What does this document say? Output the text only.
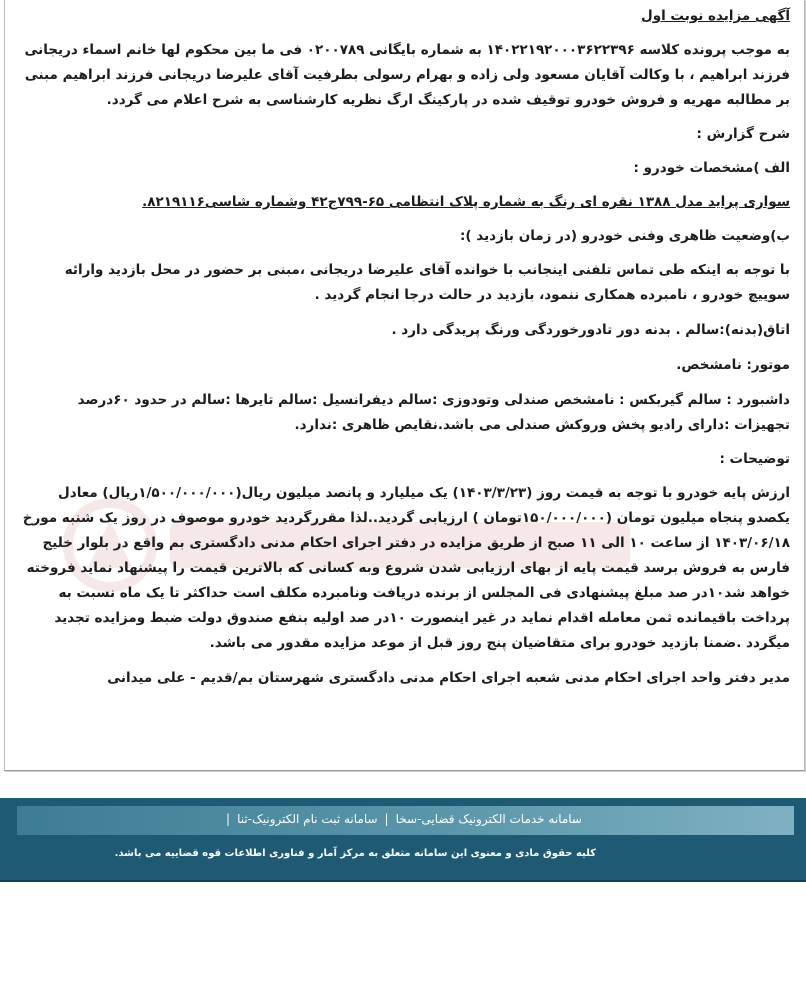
آگهی مزایده نوبت اول

به موجب پرونده کلاسه ۱۴۰۲۲۱۹۲۰۰۰۳۶۲۲۳۹۶ به شماره بایگانی ۰۲۰۰۷۸۹ فی ما بین محکوم لها خانم اسماء دریجانی فرزند ابراهیم ، با وکالت آقایان مسعود ولی زاده و بهرام رسولی بطرفیت آقای علیرضا دریجانی فرزند ابراهیم مبنی بر مطالبه مهریه و فروش خودرو توقیف شده در پارکینگ ارگ نظریه کارشناسی به شرح اعلام می گردد.

شرح گزارش :

الف )مشخصات خودرو :

سواری پراید مدل ۱۳۸۸ نقره ای رنگ به شماره پلاک انتظامی ۶۵-۷۹۹ج۴۲ وشماره شاسی۸۲۱۹۱۱۶.

ب)وضعیت ظاهری وفنی خودرو (در زمان بازدید ):

با توجه به اینکه طی تماس تلفنی اینجانب با خوانده آقای علیرضا دریجانی ،مبنی بر حضور در محل بازدید وارائه سوییچ خودرو ، نامبرده همکاری ننمود، بازدید در حالت درجا انجام گردید .

اتاق(بدنه):سالم . بدنه دور تادورخوردگی ورنگ پریدگی دارد .

موتور: نامشخص.

داشبورد : سالم گیربکس : نامشخص صندلی وتودوزی :سالم دیفرانسیل :سالم تایرها :سالم در حدود ۶۰درصد تجهیزات :دارای رادیو پخش وروکش صندلی می باشد.نقایص ظاهری :ندارد.

توضیحات :

ارزش پایه خودرو با توجه به قیمت روز (۱۴۰۳/۳/۲۳) یک میلیارد و پانصد میلیون ریال(۱/۵۰۰/۰۰۰/۰۰۰ریال) معادل یکصدو پنجاه میلیون تومان (۱۵۰/۰۰۰/۰۰۰تومان ) ارزیابی گردید..لذا مقررگردید خودرو موصوف در روز یک شنبه مورخ ۱۴۰۳/۰۶/۱۸ از ساعت ۱۰ الی ۱۱ صبح از طریق مزایده در دفتر اجرای احکام مدنی دادگستری بم واقع در بلوار خلیج فارس به فروش برسد قیمت پایه از بهای ارزیابی شدن شروع وبه کسانی که بالاترین قیمت را پیشنهاد نماید فروخته خواهد شد۱۰در صد مبلغ پیشنهادی فی المجلس از برنده دریافت ونامبرده مکلف است حداکثر تا یک ماه نسبت به پرداخت باقیمانده ثمن معامله اقدام نماید در غیر اینصورت ۱۰در صد اولیه بنفع صندوق دولت ضبط ومزایده تجدید میگردد .ضمنا بازدید خودرو برای متقاضیان پنج روز قبل از موعد مزایده مقدور می باشد.

مدیر دفتر واحد اجرای احکام مدنی شعبه اجرای احکام مدنی دادگستری شهرستان بم/قدیم - علی میدانی

سامانه خدمات الکترونیک قضایی-سخا|سامانه ثبت نام الکترونیک-ثنا|
کلیه حقوق مادی و معنوی این سامانه متعلق به مرکز آمار و فناوری اطلاعات قوه قضاییه می باشد.
